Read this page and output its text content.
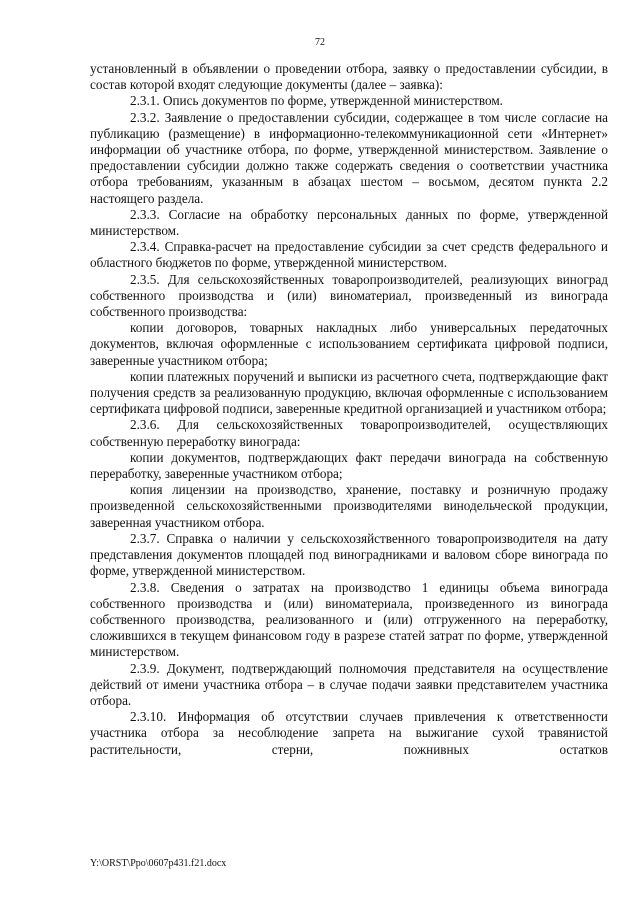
72

установленный в объявлении о проведении отбора, заявку о предоставлении субсидии, в состав которой входят следующие документы (далее – заявка):

2.3.1. Опись документов по форме, утвержденной министерством.

2.3.2. Заявление о предоставлении субсидии, содержащее в том числе согласие на публикацию (размещение) в информационно-телекоммуникационной сети «Интернет» информации об участнике отбора, по форме, утвержденной министерством. Заявление о предоставлении субсидии должно также содержать сведения о соответствии участника отбора требованиям, указанным в абзацах шестом – восьмом, десятом пункта 2.2 настоящего раздела.

2.3.3. Согласие на обработку персональных данных по форме, утвержденной министерством.

2.3.4. Справка-расчет на предоставление субсидии за счет средств федерального и областного бюджетов по форме, утвержденной министерством.

2.3.5. Для сельскохозяйственных товаропроизводителей, реализующих виноград собственного производства и (или) виноматериал, произведенный из винограда собственного производства:

копии договоров, товарных накладных либо универсальных передаточных документов, включая оформленные с использованием сертификата цифровой подписи, заверенные участником отбора;

копии платежных поручений и выписки из расчетного счета, подтверждающие факт получения средств за реализованную продукцию, включая оформленные с использованием сертификата цифровой подписи, заверенные кредитной организацией и участником отбора;

2.3.6. Для сельскохозяйственных товаропроизводителей, осуществляющих собственную переработку винограда:

копии документов, подтверждающих факт передачи винограда на собственную переработку, заверенные участником отбора;

копия лицензии на производство, хранение, поставку и розничную продажу произведенной сельскохозяйственными производителями винодельческой продукции, заверенная участником отбора.

2.3.7. Справка о наличии у сельскохозяйственного товаропроизводителя на дату представления документов площадей под виноградниками и валовом сборе винограда по форме, утвержденной министерством.

2.3.8. Сведения о затратах на производство 1 единицы объема винограда собственного производства и (или) виноматериала, произведенного из винограда собственного производства, реализованного и (или) отгруженного на переработку, сложившихся в текущем финансовом году в разрезе статей затрат по форме, утвержденной министерством.

2.3.9. Документ, подтверждающий полномочия представителя на осуществление действий от имени участника отбора – в случае подачи заявки представителем участника отбора.

2.3.10. Информация об отсутствии случаев привлечения к ответственности участника отбора за несоблюдение запрета на выжигание сухой травянистой растительности, стерни, пожнивных остатков

Y:\ORST\Ppo\0607p431.f21.docx
